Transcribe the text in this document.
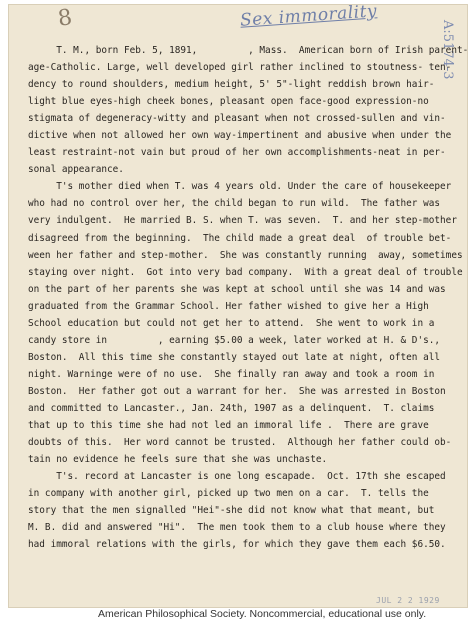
8	Sex immorality
A:5174-3
T. M., born Feb. 5, 1891,         , Mass.  American born of Irish parent-
age-Catholic. Large, well developed girl rather inclined to stoutness- ten-
dency to round shoulders, medium height, 5' 5"-light reddish brown hair-
light blue eyes-high cheek bones, pleasant open face-good expression-no
stigmata of degeneracy-witty and pleasant when not crossed-sullen and vin-
dictive when not allowed her own way-impertinent and abusive when under the
least restraint-not vain but proud of her own accomplishments-neat in per-
sonal appearance.
T's mother died when T. was 4 years old. Under the care of housekeeper
who had no control over her, the child began to run wild.  The father was
very indulgent.  He married B. S. when T. was seven.  T. and her step-mother
disagreed from the beginning.  The child made a great deal  of trouble bet-
ween her father and step-mother.  She was constantly running  away, sometimes
staying over night.  Got into very bad company.  With a great deal of trouble
on the part of her parents she was kept at school until she was 14 and was
graduated from the Grammar School. Her father wished to give her a High
School education but could not get her to attend.  She went to work in a
candy store in         , earning $5.00 a week, later worked at H. & D's.,
Boston.  All this time she constantly stayed out late at night, often all
night. Warninge were of no use.  She finally ran away and took a room in
Boston.  Her father got out a warrant for her.  She was arrested in Boston
and committed to Lancaster., Jan. 24th, 1907 as a delinquent.  T. claims
that up to this time she had not led an immoral life .  There are grave
doubts of this.  Her word cannot be trusted.  Although her father could ob-
tain no evidence he feels sure that she was unchaste.
T's. record at Lancaster is one long escapade.  Oct. 17th she escaped
in company with another girl, picked up two men on a car.  T. tells the
story that the men signalled "Hei"-she did not know what that meant, but
M. B. did and answered "Hi".  The men took them to a club house where they
had immoral relations with the girls, for which they gave them each $6.50.
JUL 2 2 1929
American Philosophical Society. Noncommercial, educational use only.
